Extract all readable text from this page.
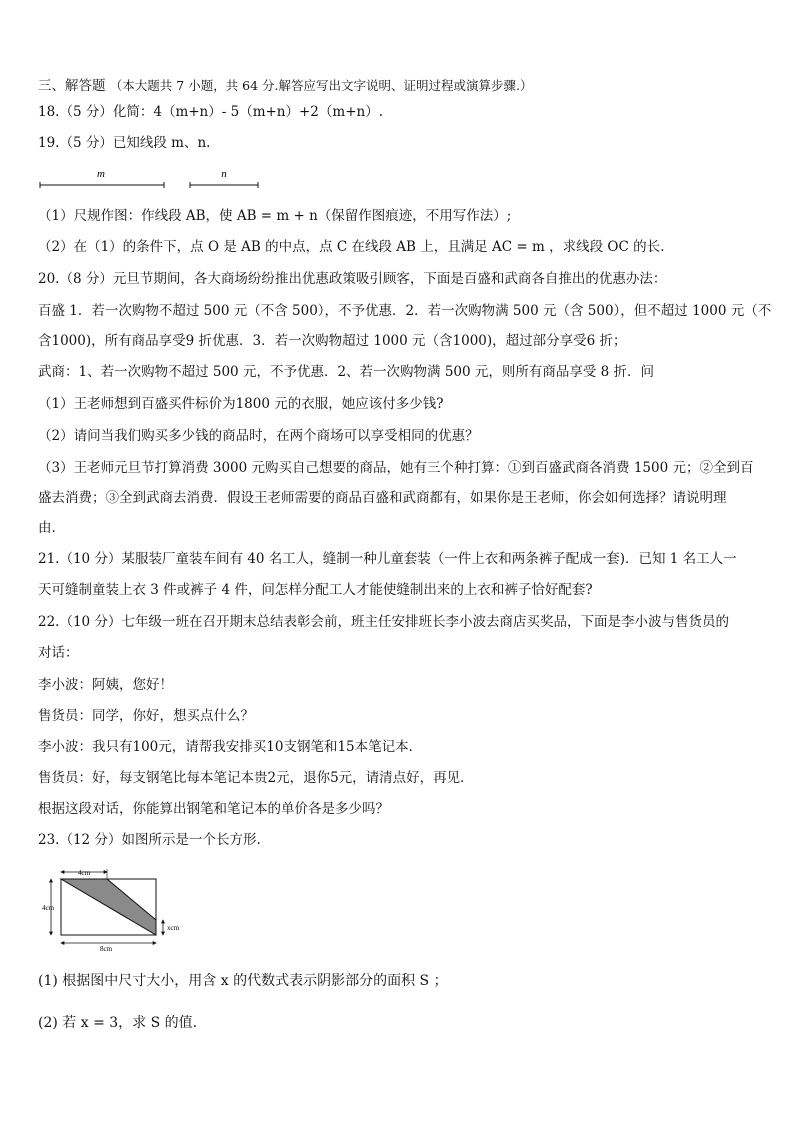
三、解答题 （本大题共 7 小题，共 64 分.解答应写出文字说明、证明过程或演算步骤.）
18.（5 分）化简：4（m+n）- 5（m+n）+2（m+n）.
19.（5 分）已知线段 m、n.
m	n
（1）尺规作图：作线段 AB，使 AB = m + n（保留作图痕迹，不用写作法）;
（2）在（1）的条件下，点 O 是 AB 的中点，点 C 在线段 AB 上，且满足 AC = m ，求线段 OC 的长.
20.（8 分）元旦节期间，各大商场纷纷推出优惠政策吸引顾客，下面是百盛和武商各自推出的优惠办法：
百盛 1．若一次购物不超过 500 元（不含 500），不予优惠．2．若一次购物满 500 元（含 500），但不超过 1000 元（不
含1000)，所有商品享受9 折优惠．3．若一次购物超过 1000 元（含1000)，超过部分享受6 折；
武商：1、若一次购物不超过 500 元，不予优惠．2、若一次购物满 500 元，则所有商品享受 8 折．问
（1）王老师想到百盛买件标价为1800 元的衣服，她应该付多少钱?
（2）请问当我们购买多少钱的商品时，在两个商场可以享受相同的优惠？
（3）王老师元旦节打算消费 3000 元购买自己想要的商品，她有三个种打算：①到百盛武商各消费 1500 元；②全到百
盛去消费；③全到武商去消费．假设王老师需要的商品百盛和武商都有，如果你是王老师，你会如何选择？请说明理
由.
21.（10 分）某服装厂童装车间有 40 名工人，缝制一种儿童套装（一件上衣和两条裤子配成一套)．已知 1 名工人一
天可缝制童装上衣 3 件或裤子 4 件，问怎样分配工人才能使缝制出来的上衣和裤子恰好配套?
22.（10 分）七年级一班在召开期末总结表彰会前，班主任安排班长李小波去商店买奖品，下面是李小波与售货员的
对话：
李小波：阿姨，您好！
售货员：同学，你好，想买点什么？
李小波：我只有100元，请帮我安排买10支钢笔和15本笔记本．
售货员：好，每支钢笔比每本笔记本贵2元，退你5元，请清点好，再见．
根据这段对话，你能算出钢笔和笔记本的单价各是多少吗？
23.（12 分）如图所示是一个长方形.
4cm
4cm
xcm
8cm
(1) 根据图中尺寸大小，用含 x 的代数式表示阴影部分的面积 S ；
(2) 若 x = 3，求 S 的值.
